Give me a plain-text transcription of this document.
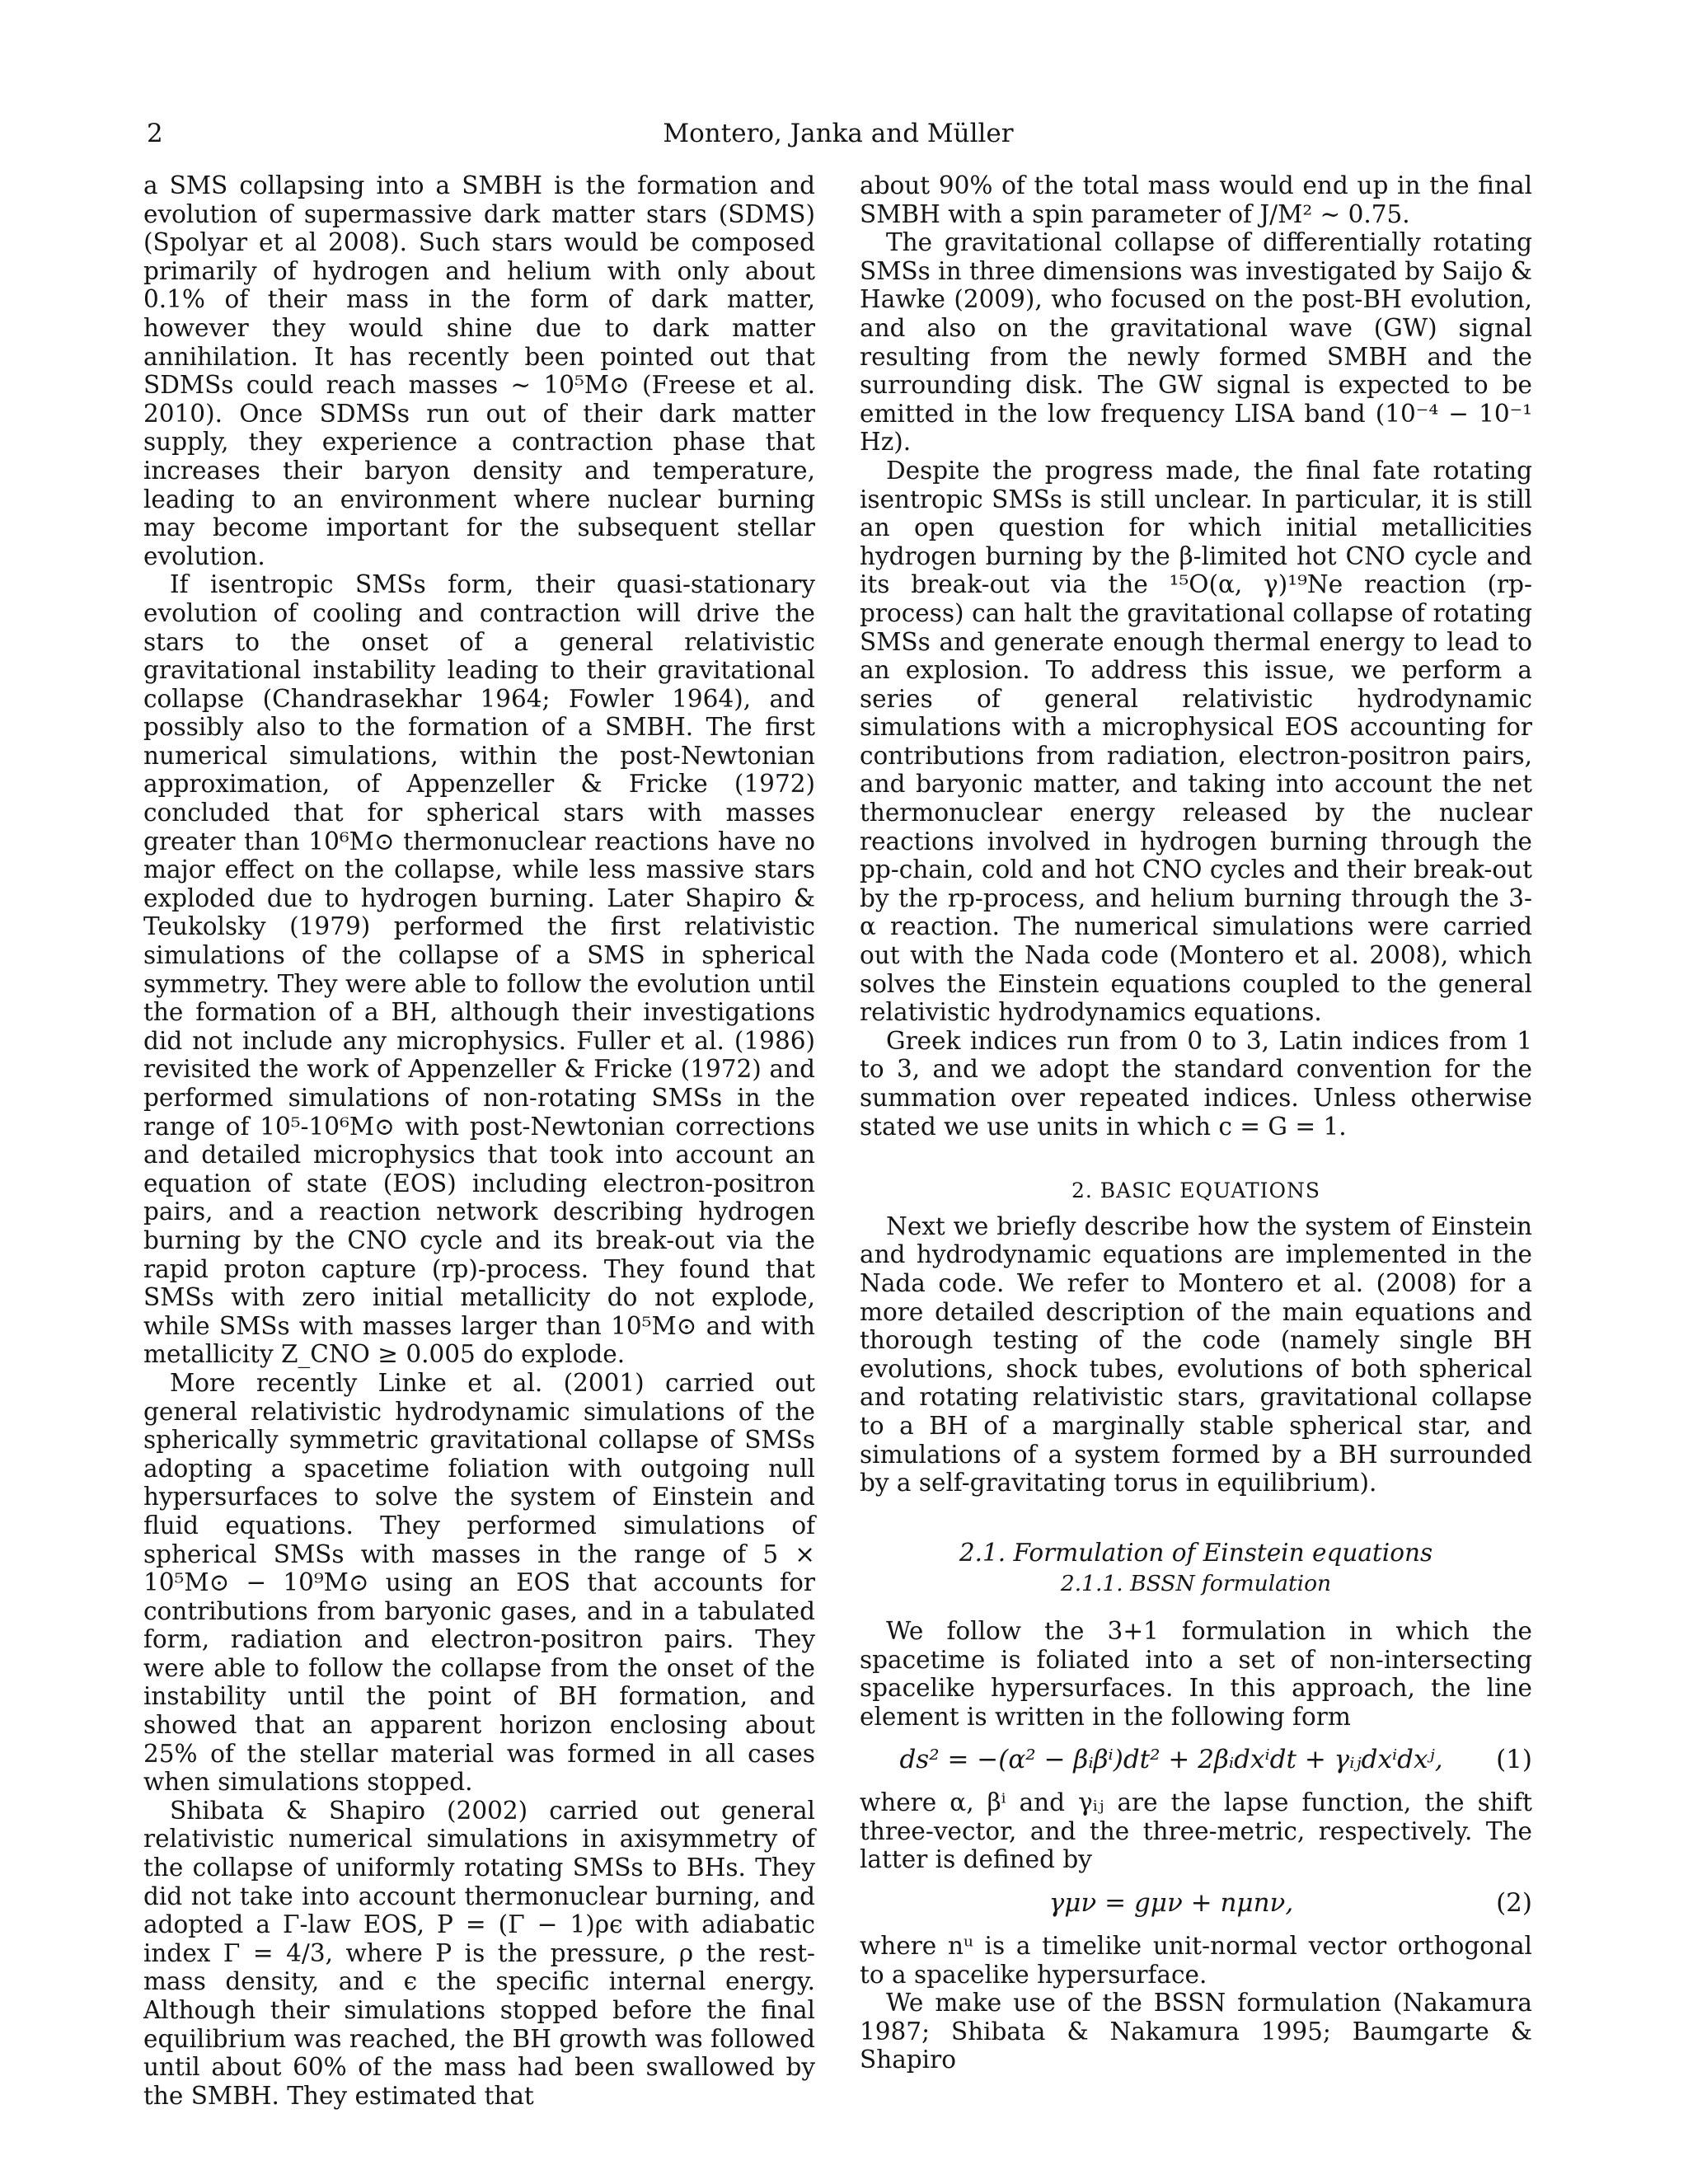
2	Montero, Janka and Müller

a SMS collapsing into a SMBH is the formation and evolution of supermassive dark matter stars (SDMS) (Spolyar et al 2008). Such stars would be composed primarily of hydrogen and helium with only about 0.1% of their mass in the form of dark matter, however they would shine due to dark matter annihilation. It has recently been pointed out that SDMSs could reach masses ∼ 10⁵M⊙ (Freese et al. 2010). Once SDMSs run out of their dark matter supply, they experience a contraction phase that increases their baryon density and temperature, leading to an environment where nuclear burning may become important for the subsequent stellar evolution.

If isentropic SMSs form, their quasi-stationary evolution of cooling and contraction will drive the stars to the onset of a general relativistic gravitational instability leading to their gravitational collapse (Chandrasekhar 1964; Fowler 1964), and possibly also to the formation of a SMBH. The first numerical simulations, within the post-Newtonian approximation, of Appenzeller & Fricke (1972) concluded that for spherical stars with masses greater than 10⁶M⊙ thermonuclear reactions have no major effect on the collapse, while less massive stars exploded due to hydrogen burning. Later Shapiro & Teukolsky (1979) performed the first relativistic simulations of the collapse of a SMS in spherical symmetry. They were able to follow the evolution until the formation of a BH, although their investigations did not include any microphysics. Fuller et al. (1986) revisited the work of Appenzeller & Fricke (1972) and performed simulations of non-rotating SMSs in the range of 10⁵-10⁶M⊙ with post-Newtonian corrections and detailed microphysics that took into account an equation of state (EOS) including electron-positron pairs, and a reaction network describing hydrogen burning by the CNO cycle and its break-out via the rapid proton capture (rp)-process. They found that SMSs with zero initial metallicity do not explode, while SMSs with masses larger than 10⁵M⊙ and with metallicity Z_CNO ≥ 0.005 do explode.

More recently Linke et al. (2001) carried out general relativistic hydrodynamic simulations of the spherically symmetric gravitational collapse of SMSs adopting a spacetime foliation with outgoing null hypersurfaces to solve the system of Einstein and fluid equations. They performed simulations of spherical SMSs with masses in the range of 5 × 10⁵M⊙ − 10⁹M⊙ using an EOS that accounts for contributions from baryonic gases, and in a tabulated form, radiation and electron-positron pairs. They were able to follow the collapse from the onset of the instability until the point of BH formation, and showed that an apparent horizon enclosing about 25% of the stellar material was formed in all cases when simulations stopped.

Shibata & Shapiro (2002) carried out general relativistic numerical simulations in axisymmetry of the collapse of uniformly rotating SMSs to BHs. They did not take into account thermonuclear burning, and adopted a Γ-law EOS, P = (Γ − 1)ρϵ with adiabatic index Γ = 4/3, where P is the pressure, ρ the rest-mass density, and ϵ the specific internal energy. Although their simulations stopped before the final equilibrium was reached, the BH growth was followed until about 60% of the mass had been swallowed by the SMBH. They estimated that

about 90% of the total mass would end up in the final SMBH with a spin parameter of J/M² ∼ 0.75.

The gravitational collapse of differentially rotating SMSs in three dimensions was investigated by Saijo & Hawke (2009), who focused on the post-BH evolution, and also on the gravitational wave (GW) signal resulting from the newly formed SMBH and the surrounding disk. The GW signal is expected to be emitted in the low frequency LISA band (10⁻⁴ − 10⁻¹ Hz).

Despite the progress made, the final fate rotating isentropic SMSs is still unclear. In particular, it is still an open question for which initial metallicities hydrogen burning by the β-limited hot CNO cycle and its break-out via the ¹⁵O(α, γ)¹⁹Ne reaction (rp-process) can halt the gravitational collapse of rotating SMSs and generate enough thermal energy to lead to an explosion. To address this issue, we perform a series of general relativistic hydrodynamic simulations with a microphysical EOS accounting for contributions from radiation, electron-positron pairs, and baryonic matter, and taking into account the net thermonuclear energy released by the nuclear reactions involved in hydrogen burning through the pp-chain, cold and hot CNO cycles and their break-out by the rp-process, and helium burning through the 3-α reaction. The numerical simulations were carried out with the Nada code (Montero et al. 2008), which solves the Einstein equations coupled to the general relativistic hydrodynamics equations.

Greek indices run from 0 to 3, Latin indices from 1 to 3, and we adopt the standard convention for the summation over repeated indices. Unless otherwise stated we use units in which c = G = 1.

2. BASIC EQUATIONS

Next we briefly describe how the system of Einstein and hydrodynamic equations are implemented in the Nada code. We refer to Montero et al. (2008) for a more detailed description of the main equations and thorough testing of the code (namely single BH evolutions, shock tubes, evolutions of both spherical and rotating relativistic stars, gravitational collapse to a BH of a marginally stable spherical star, and simulations of a system formed by a BH surrounded by a self-gravitating torus in equilibrium).

2.1. Formulation of Einstein equations
2.1.1. BSSN formulation

We follow the 3+1 formulation in which the spacetime is foliated into a set of non-intersecting spacelike hypersurfaces. In this approach, the line element is written in the following form

ds² = −(α² − βᵢβⁱ)dt² + 2βᵢdxⁱdt + γᵢⱼdxⁱdxʲ,	(1)

where α, βⁱ and γᵢⱼ are the lapse function, the shift three-vector, and the three-metric, respectively. The latter is defined by

γμν = gμν + nμnν,	(2)

where nᵘ is a timelike unit-normal vector orthogonal to a spacelike hypersurface.

We make use of the BSSN formulation (Nakamura 1987; Shibata & Nakamura 1995; Baumgarte & Shapiro
